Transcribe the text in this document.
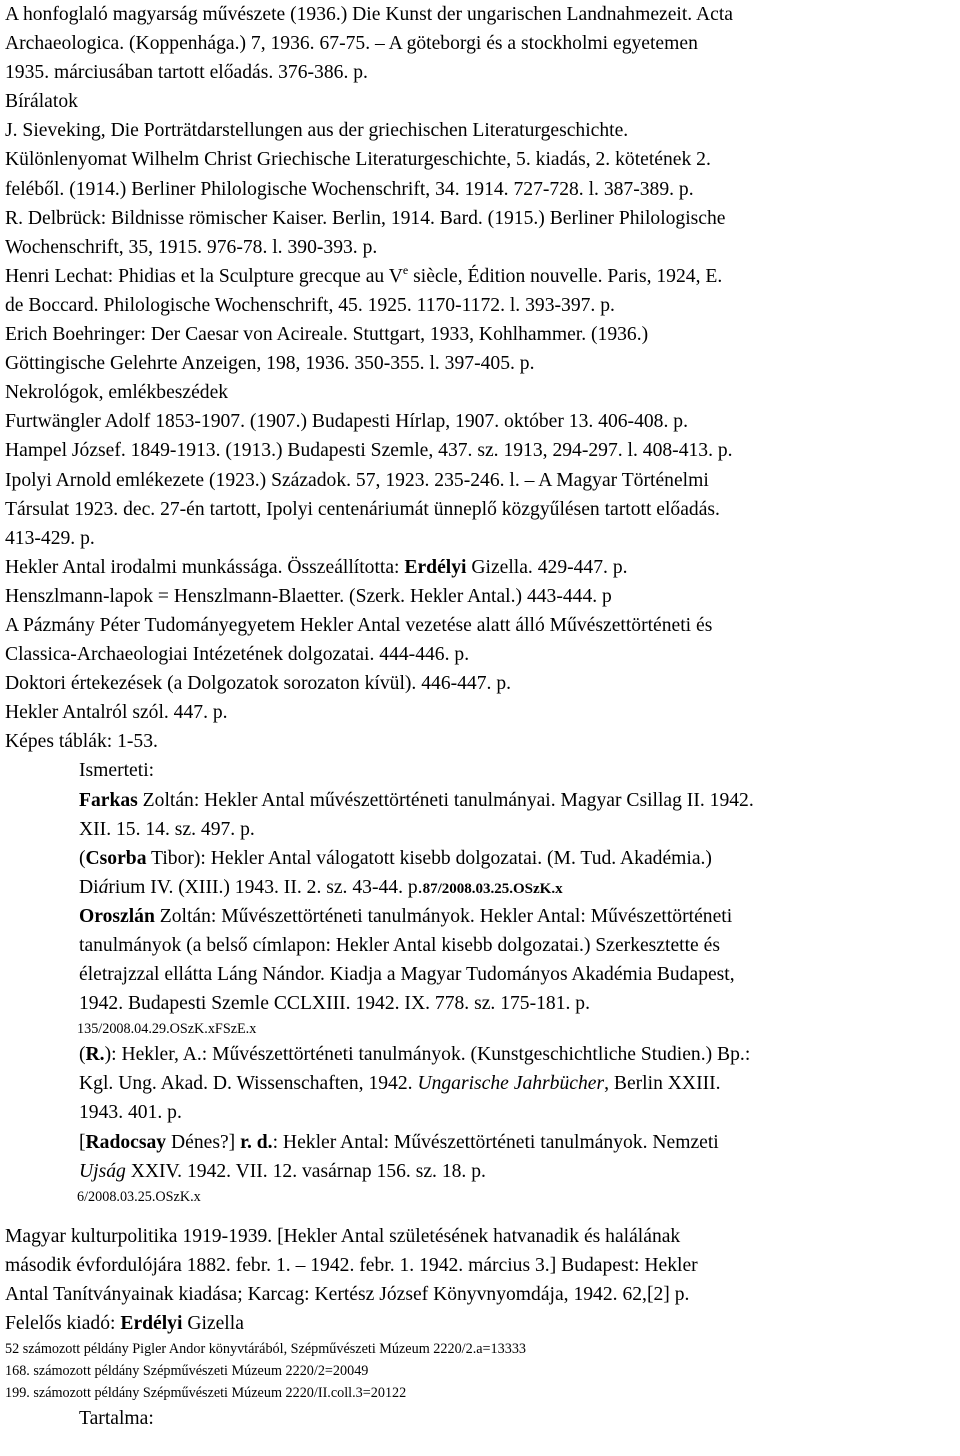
A honfoglaló magyarság művészete (1936.) Die Kunst der ungarischen Landnahmezeit. Acta
Archaeologica. (Koppenhága.) 7, 1936. 67-75. – A göteborgi és a stockholmi egyetemen
1935. márciusában tartott előadás. 376-386. p.
Bírálatok
J. Sieveking, Die Porträtdarstellungen aus der griechischen Literaturgeschichte.
Különlenyomat Wilhelm Christ Griechische Literaturgeschichte, 5. kiadás, 2. kötetének 2.
feléből. (1914.) Berliner Philologische Wochenschrift, 34. 1914. 727-728. l. 387-389. p.
R. Delbrück: Bildnisse römischer Kaiser. Berlin, 1914. Bard. (1915.) Berliner Philologische
Wochenschrift, 35, 1915. 976-78. l. 390-393. p.
Henri Lechat: Phidias et la Sculpture grecque au Ve siècle, Édition nouvelle. Paris, 1924, E.
de Boccard. Philologische Wochenschrift, 45. 1925. 1170-1172. l. 393-397. p.
Erich Boehringer: Der Caesar von Acireale. Stuttgart, 1933, Kohlhammer. (1936.)
Göttingische Gelehrte Anzeigen, 198, 1936. 350-355. l. 397-405. p.
Nekrológok, emlékbeszédek
Furtwängler Adolf 1853-1907. (1907.) Budapesti Hírlap, 1907. október 13. 406-408. p.
Hampel József. 1849-1913. (1913.) Budapesti Szemle, 437. sz. 1913, 294-297. l. 408-413. p.
Ipolyi Arnold emlékezete (1923.) Századok. 57, 1923. 235-246. l. – A Magyar Történelmi
Társulat 1923. dec. 27-én tartott, Ipolyi centenáriumát ünneplő közgyűlésen tartott előadás.
413-429. p.
Hekler Antal irodalmi munkássága. Összeállította: Erdélyi Gizella. 429-447. p.
Henszlmann-lapok = Henszlmann-Blaetter. (Szerk. Hekler Antal.) 443-444. p
A Pázmány Péter Tudományegyetem Hekler Antal vezetése alatt álló Művészettörténeti és
Classica-Archaeologiai Intézetének dolgozatai. 444-446. p.
Doktori értekezések (a Dolgozatok sorozaton kívül). 446-447. p.
Hekler Antalról szól. 447. p.
Képes táblák: 1-53.
Ismerteti:
Farkas Zoltán: Hekler Antal művészettörténeti tanulmányai. Magyar Csillag II. 1942.
XII. 15. 14. sz. 497. p.
(Csorba Tibor): Hekler Antal válogatott kisebb dolgozatai. (M. Tud. Akadémia.)
Diárium IV. (XIII.) 1943. II. 2. sz. 43-44. p.87/2008.03.25.OSzK.x
Oroszlán Zoltán: Művészettörténeti tanulmányok. Hekler Antal: Művészettörténeti
tanulmányok (a belső címlapon: Hekler Antal kisebb dolgozatai.) Szerkesztette és
életrajzzal ellátta Láng Nándor. Kiadja a Magyar Tudományos Akadémia Budapest,
1942. Budapesti Szemle CCLXIII. 1942. IX. 778. sz. 175-181. p.
135/2008.04.29.OSzK.xFSzE.x
(R.): Hekler, A.: Művészettörténeti tanulmányok. (Kunstgeschichtliche Studien.) Bp.:
Kgl. Ung. Akad. D. Wissenschaften, 1942. Ungarische Jahrbücher, Berlin XXIII.
1943. 401. p.
[Radocsay Dénes?] r. d.: Hekler Antal: Művészettörténeti tanulmányok. Nemzeti
Ujság XXIV. 1942. VII. 12. vasárnap 156. sz. 18. p.
6/2008.03.25.OSzK.x
Magyar kulturpolitika 1919-1939. [Hekler Antal születésének hatvanadik és halálának
második évfordulójára 1882. febr. 1. – 1942. febr. 1. 1942. március 3.] Budapest: Hekler
Antal Tanítványainak kiadása; Karcag: Kertész József Könyvnyomdája, 1942. 62,[2] p.
Felelős kiadó: Erdélyi Gizella
52 számozott példány Pigler Andor könyvtárából, Szépművészeti Múzeum 2220/2.a=13333
168. számozott példány Szépművészeti Múzeum 2220/2=20049
199. számozott példány Szépművészeti Múzeum 2220/II.coll.3=20122
Tartalma:
